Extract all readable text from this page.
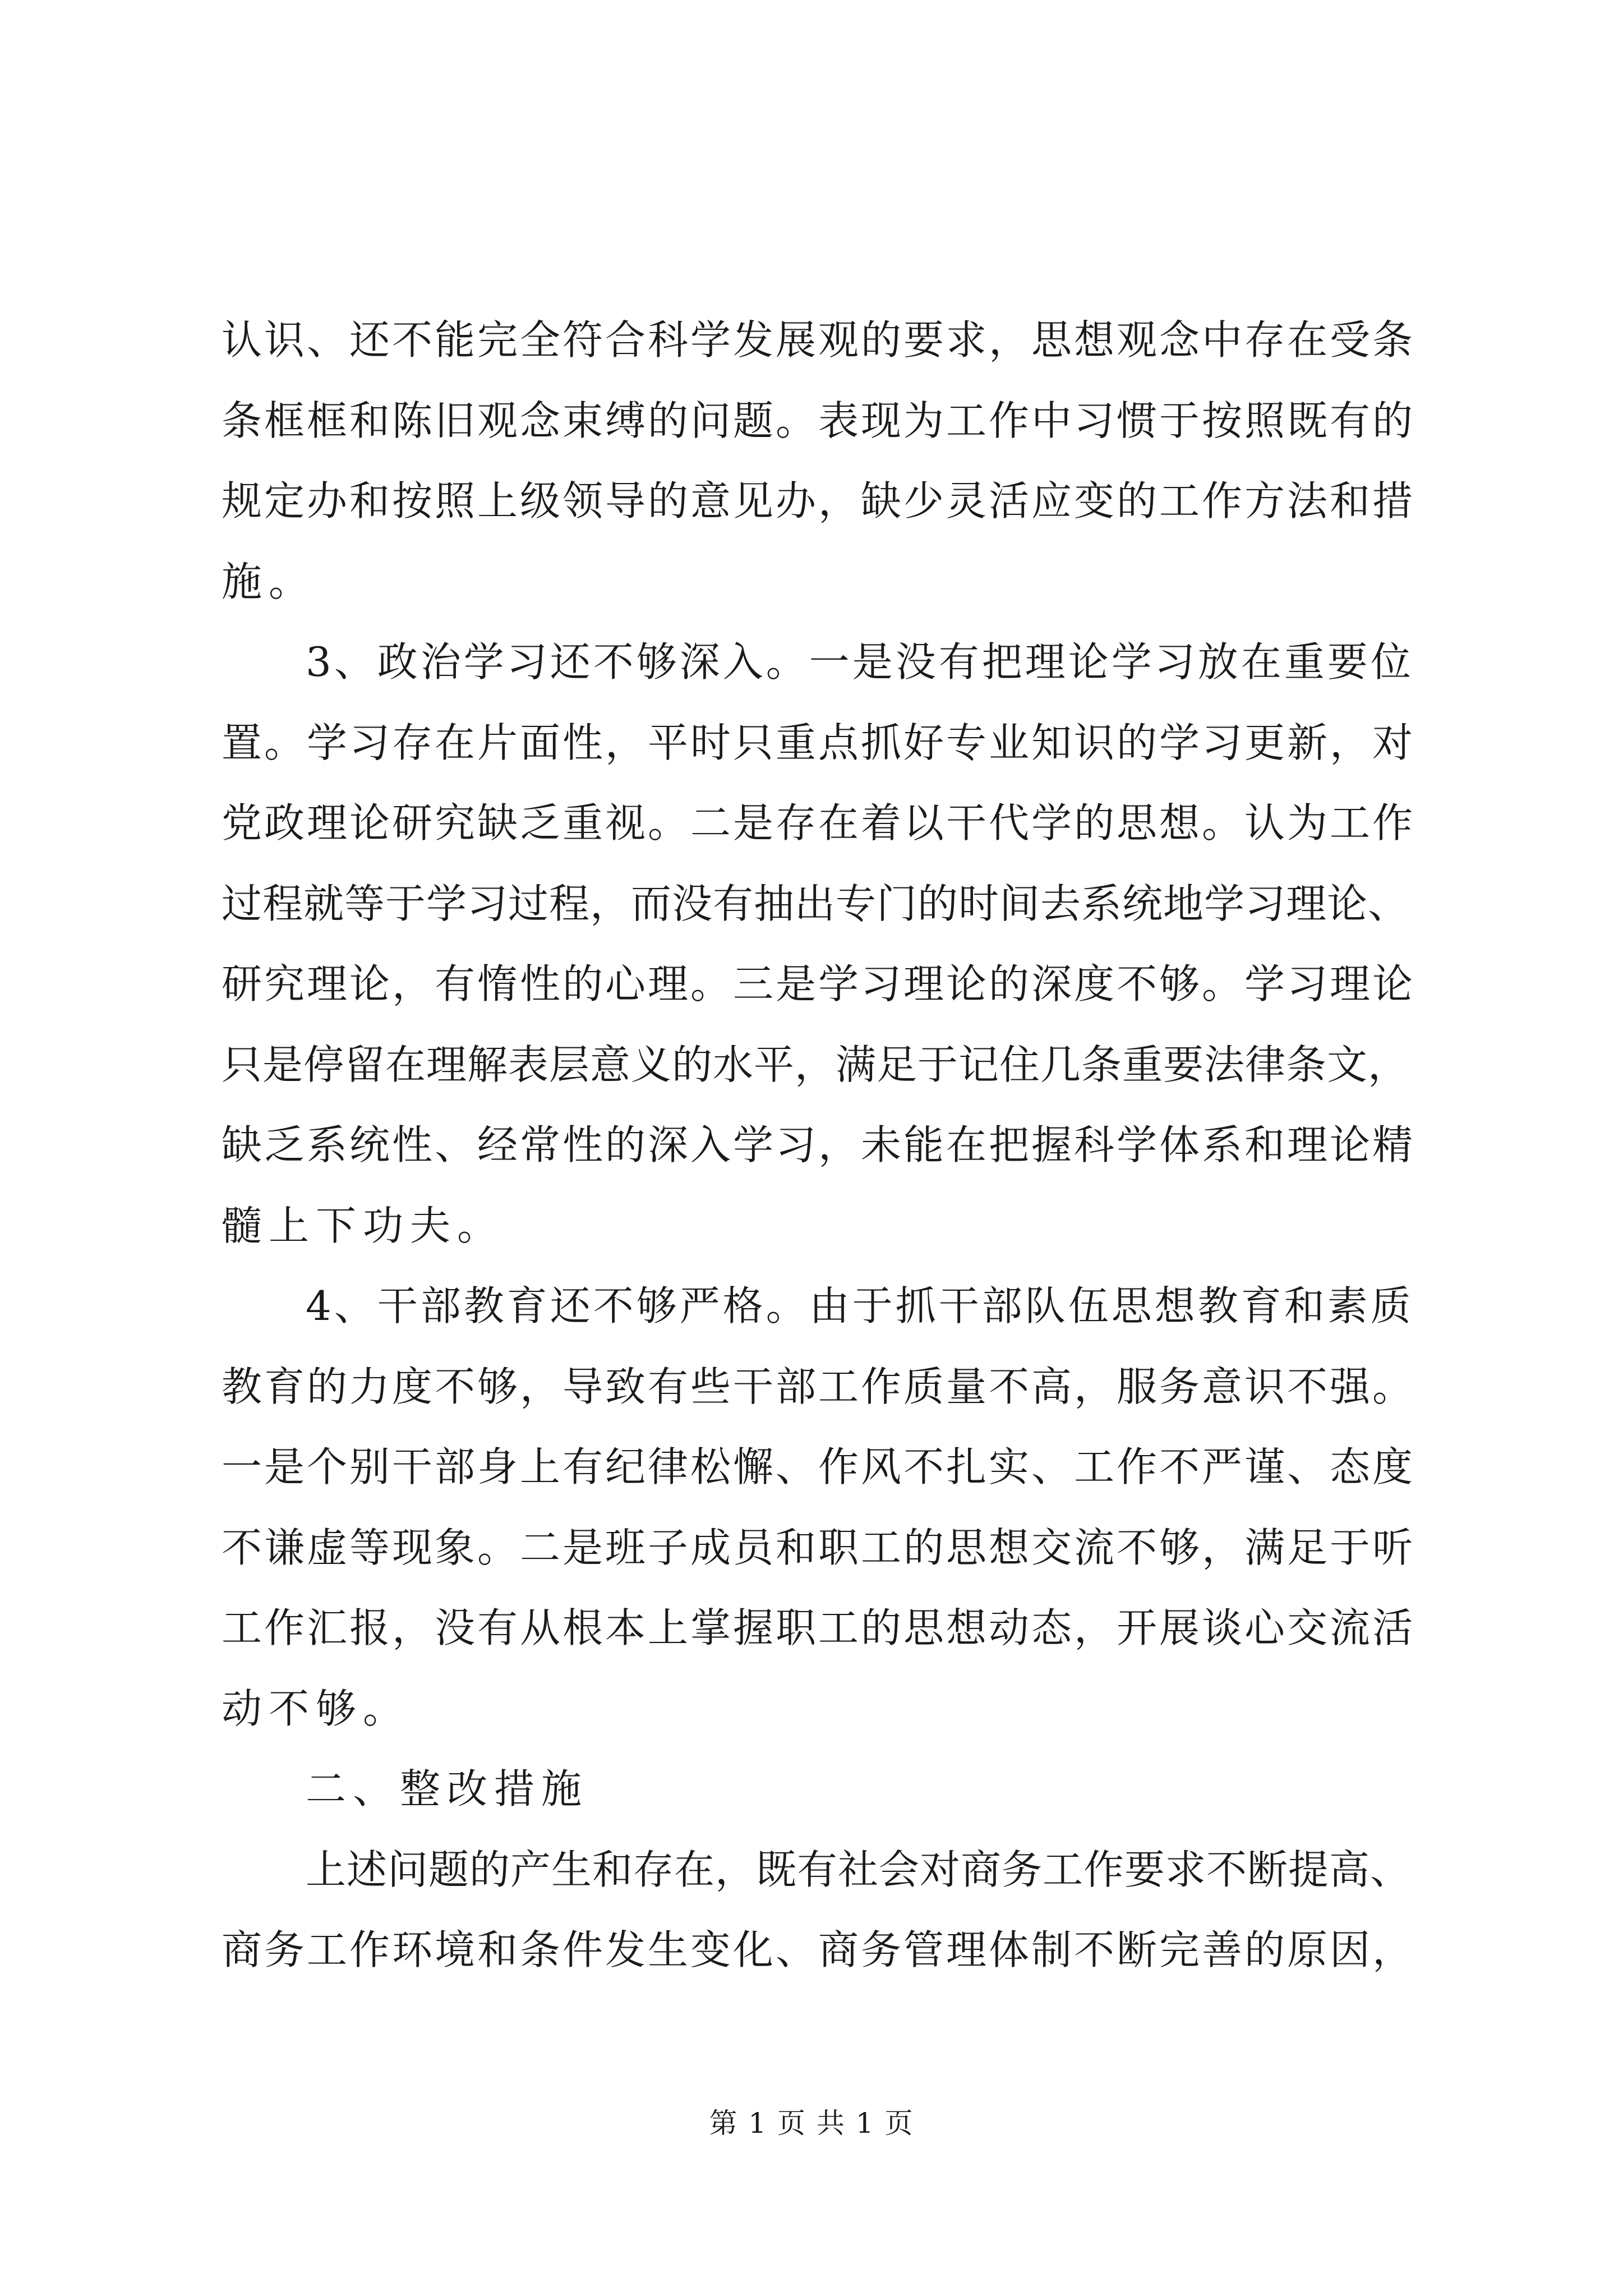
认识、还不能完全符合科学发展观的要求，思想观念中存在受条
条框框和陈旧观念束缚的问题。表现为工作中习惯于按照既有的
规定办和按照上级领导的意见办，缺少灵活应变的工作方法和措
施。
3、政治学习还不够深入。一是没有把理论学习放在重要位
置。学习存在片面性，平时只重点抓好专业知识的学习更新，对
党政理论研究缺乏重视。二是存在着以干代学的思想。认为工作
过程就等于学习过程，而没有抽出专门的时间去系统地学习理论、
研究理论，有惰性的心理。三是学习理论的深度不够。学习理论
只是停留在理解表层意义的水平，满足于记住几条重要法律条文，
缺乏系统性、经常性的深入学习，未能在把握科学体系和理论精
髓上下功夫。
4、干部教育还不够严格。由于抓干部队伍思想教育和素质
教育的力度不够，导致有些干部工作质量不高，服务意识不强。
一是个别干部身上有纪律松懈、作风不扎实、工作不严谨、态度
不谦虚等现象。二是班子成员和职工的思想交流不够，满足于听
工作汇报，没有从根本上掌握职工的思想动态，开展谈心交流活
动不够。
二、整改措施
上述问题的产生和存在，既有社会对商务工作要求不断提高、
商务工作环境和条件发生变化、商务管理体制不断完善的原因，
第 1 页 共 1 页
